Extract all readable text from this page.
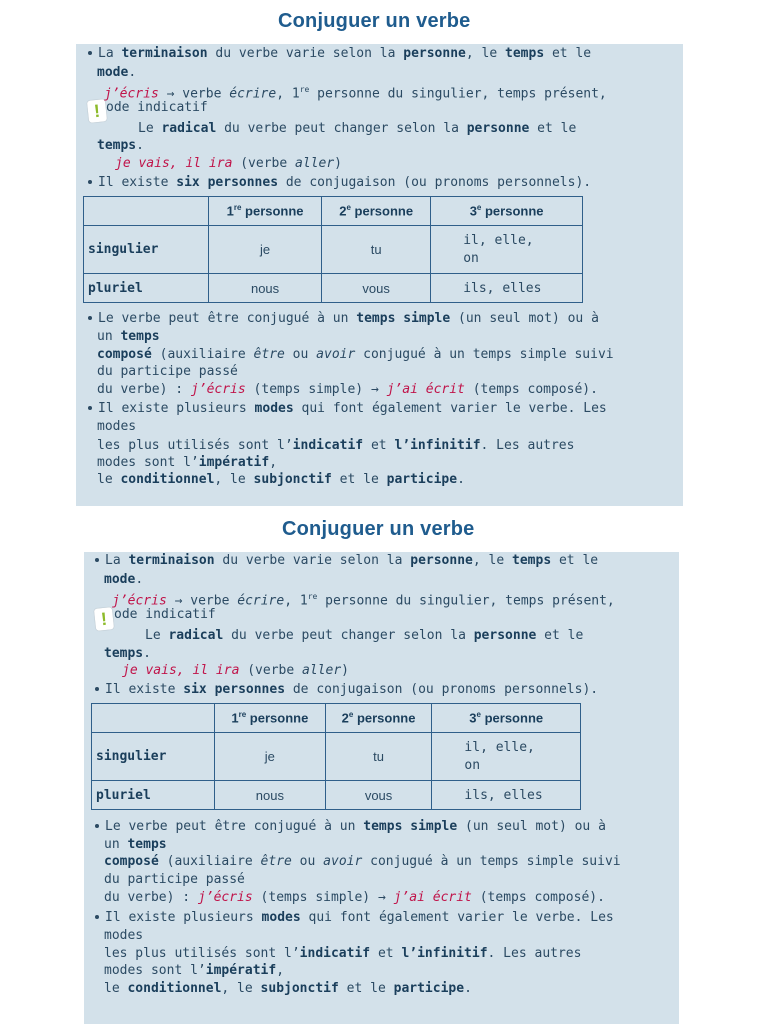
Conjuguer un verbe
La terminaison du verbe varie selon la personne, le temps et le
mode.
j’écris → verbe écrire, 1re personne du singulier, temps présent,
! ode indicatif
Le radical du verbe peut changer selon la personne et le
temps.
je vais, il ira (verbe aller)
Il existe six personnes de conjugaison (ou pronoms personnels).
	1re personne	2e personne	3e personne
singulier	je	tu	il, elle,
on
pluriel	nous	vous	ils, elles
Le verbe peut être conjugué à un temps simple (un seul mot) ou à
un temps
composé (auxiliaire être ou avoir conjugué à un temps simple suivi
du participe passé
du verbe) : j’écris (temps simple) → j’ai écrit (temps composé).
Il existe plusieurs modes qui font également varier le verbe. Les
modes
les plus utilisés sont l’indicatif et l’infinitif. Les autres
modes sont l’impératif,
le conditionnel, le subjonctif et le participe.
Conjuguer un verbe
La terminaison du verbe varie selon la personne, le temps et le
mode.
j’écris → verbe écrire, 1re personne du singulier, temps présent,
! ode indicatif
Le radical du verbe peut changer selon la personne et le
temps.
je vais, il ira (verbe aller)
Il existe six personnes de conjugaison (ou pronoms personnels).
	1re personne	2e personne	3e personne
singulier	je	tu	il, elle,
on
pluriel	nous	vous	ils, elles
Le verbe peut être conjugué à un temps simple (un seul mot) ou à
un temps
composé (auxiliaire être ou avoir conjugué à un temps simple suivi
du participe passé
du verbe) : j’écris (temps simple) → j’ai écrit (temps composé).
Il existe plusieurs modes qui font également varier le verbe. Les
modes
les plus utilisés sont l’indicatif et l’infinitif. Les autres
modes sont l’impératif,
le conditionnel, le subjonctif et le participe.
